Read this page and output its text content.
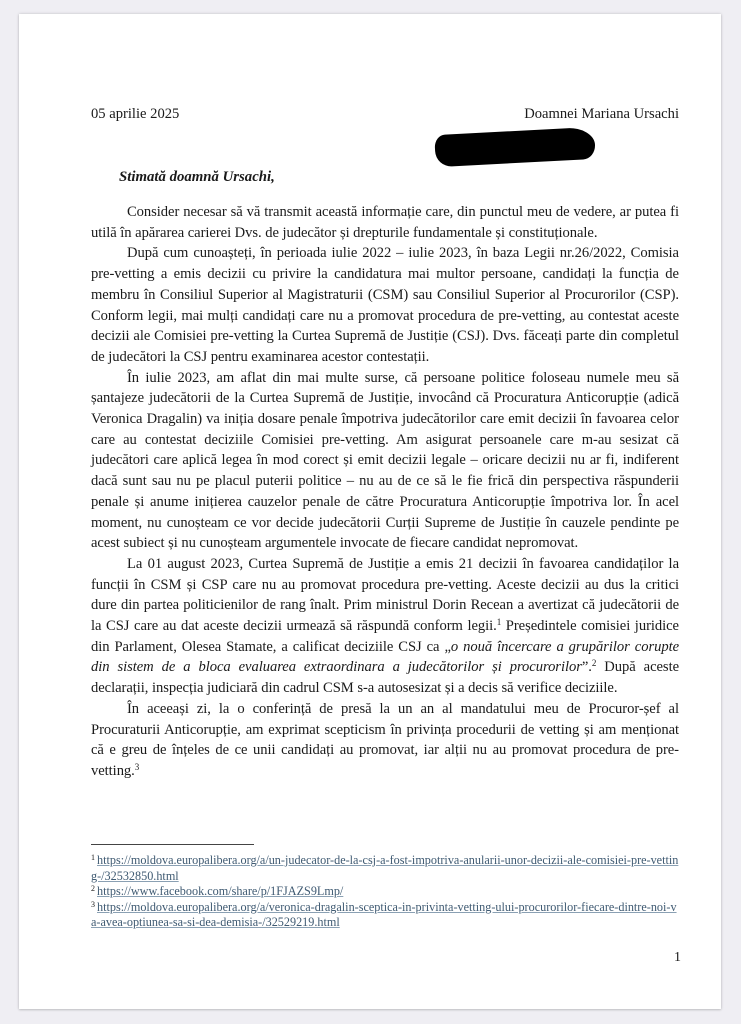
05 aprilie 2025	Doamnei Mariana Ursachi
Stimată doamnă Ursachi,

Consider necesar să vă transmit această informație care, din punctul meu de vedere, ar putea fi utilă în apărarea carierei Dvs. de judecător și drepturile fundamentale și constituționale.

După cum cunoașteți, în perioada iulie 2022 – iulie 2023, în baza Legii nr.26/2022, Comisia pre-vetting a emis decizii cu privire la candidatura mai multor persoane, candidați la funcția de membru în Consiliul Superior al Magistraturii (CSM) sau Consiliul Superior al Procurorilor (CSP). Conform legii, mai mulți candidați care nu a promovat procedura de pre-vetting, au contestat aceste decizii ale Comisiei pre-vetting la Curtea Supremă de Justiție (CSJ). Dvs. făceați parte din completul de judecători la CSJ pentru examinarea acestor contestații.

În iulie 2023, am aflat din mai multe surse, că persoane politice foloseau numele meu să șantajeze judecătorii de la Curtea Supremă de Justiție, invocând că Procuratura Anticorupție (adică Veronica Dragalin) va iniția dosare penale împotriva judecătorilor care emit decizii în favoarea celor care au contestat deciziile Comisiei pre-vetting. Am asigurat persoanele care m-au sesizat că judecători care aplică legea în mod corect și emit decizii legale – oricare decizii nu ar fi, indiferent dacă sunt sau nu pe placul puterii politice – nu au de ce să le fie frică din perspectiva răspunderii penale și anume inițierea cauzelor penale de către Procuratura Anticorupție împotriva lor. În acel moment, nu cunoșteam ce vor decide judecătorii Curții Supreme de Justiție în cauzele pendinte pe acest subiect și nu cunoșteam argumentele invocate de fiecare candidat nepromovat.

La 01 august 2023, Curtea Supremă de Justiție a emis 21 decizii în favoarea candidaților la funcții în CSM și CSP care nu au promovat procedura pre-vetting. Aceste decizii au dus la critici dure din partea politicienilor de rang înalt. Prim ministrul Dorin Recean a avertizat că judecătorii de la CSJ care au dat aceste decizii urmează să răspundă conform legii.$^1$ Președintele comisiei juridice din Parlament, Olesea Stamate, a calificat deciziile CSJ ca „o nouă încercare a grupărilor corupte din sistem de a bloca evaluarea extraordinara a judecătorilor și procurorilor”.$^2$ După aceste declarații, inspecția judiciară din cadrul CSM s-a autosesizat și a decis să verifice deciziile.

În aceeași zi, la o conferință de presă la un an al mandatului meu de Procuror-șef al Procuraturii Anticorupție, am exprimat scepticism în privința procedurii de vetting și am menționat că e greu de înțeles de ce unii candidați au promovat, iar alții nu au promovat procedura de pre-vetting.$^3$

$^1$ https://moldova.europalibera.org/a/un-judecator-de-la-csj-a-fost-impotriva-anularii-unor-decizii-ale-comisiei-pre-vetting-/32532850.html

$^2$ https://www.facebook.com/share/p/1FJAZS9Lmp/

$^3$ https://moldova.europalibera.org/a/veronica-dragalin-sceptica-in-privinta-vetting-ului-procurorilor-fiecare-dintre-noi-va-avea-optiunea-sa-si-dea-demisia-/32529219.html

1
